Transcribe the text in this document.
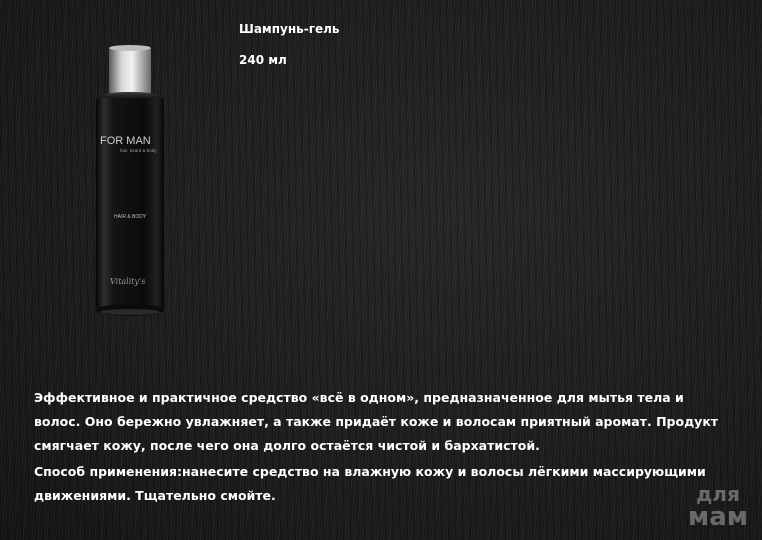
FOR MAN
hair, beard & body
HAIR & BODY
Vitality's
Шампунь-гель
240 мл

Эффективное и практичное средство «всё в одном», предназначенное для мытья тела и волос. Оно бережно увлажняет, а также придаёт коже и волосам приятный аромат. Продукт смягчает кожу, после чего она долго остаётся чистой и бархатистой.

Способ применения:нанесите средство на влажную кожу и волосы лёгкими массирующими движениями. Тщательно смойте.	для
мам
